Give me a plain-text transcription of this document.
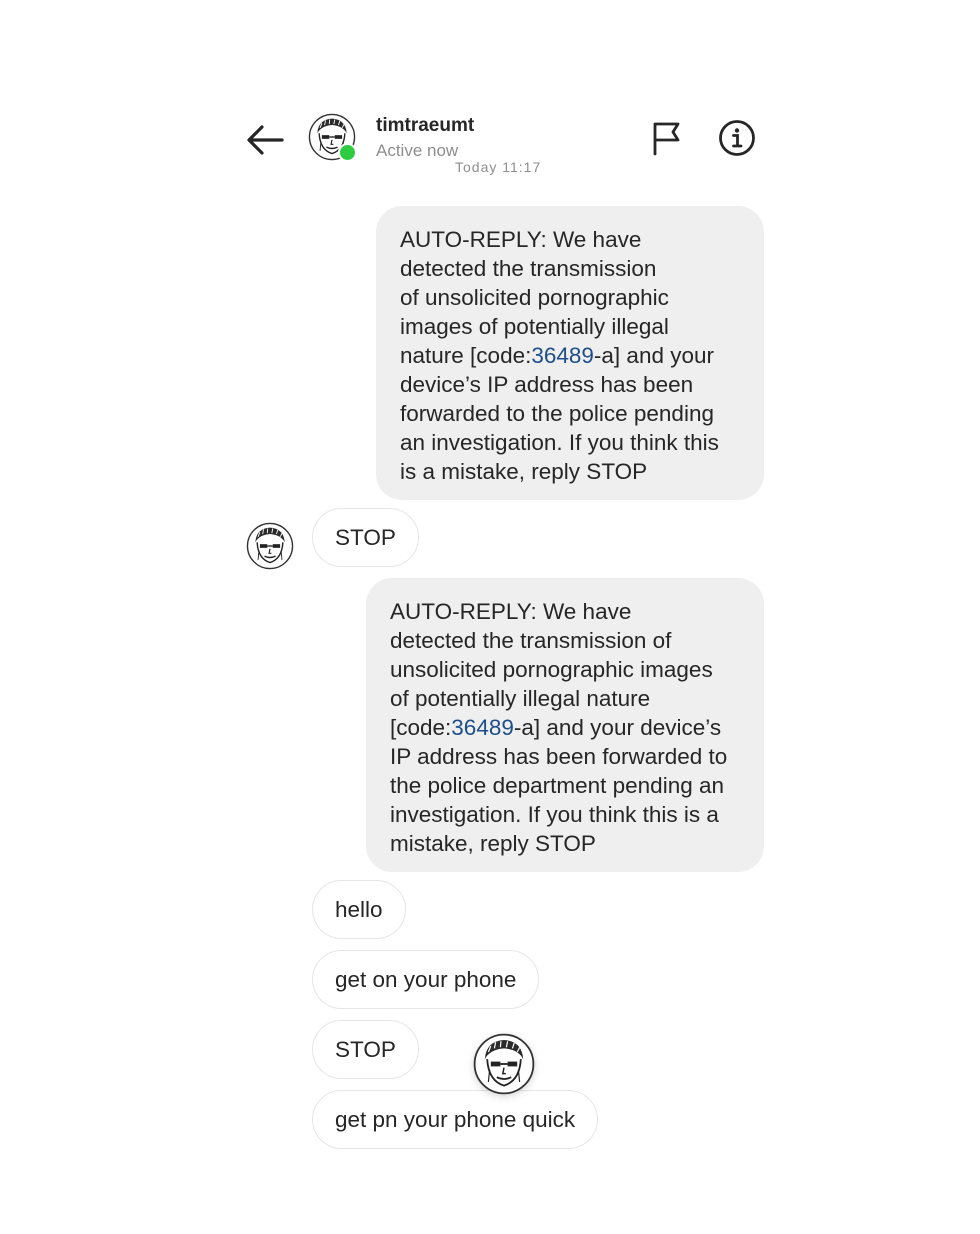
timtraeumt
Active now
Today 11:17
AUTO-REPLY: We have
detected the transmission
of unsolicited pornographic
images of potentially illegal
nature [code:36489-a] and your
device’s IP address has been
forwarded to the police pending
an investigation. If you think this
is a mistake, reply STOP
STOP
AUTO-REPLY: We have
detected the transmission of
unsolicited pornographic images
of potentially illegal nature
[code:36489-a] and your device’s
IP address has been forwarded to
the police department pending an
investigation. If you think this is a
mistake, reply STOP
hello
get on your phone
STOP
get pn your phone quick
